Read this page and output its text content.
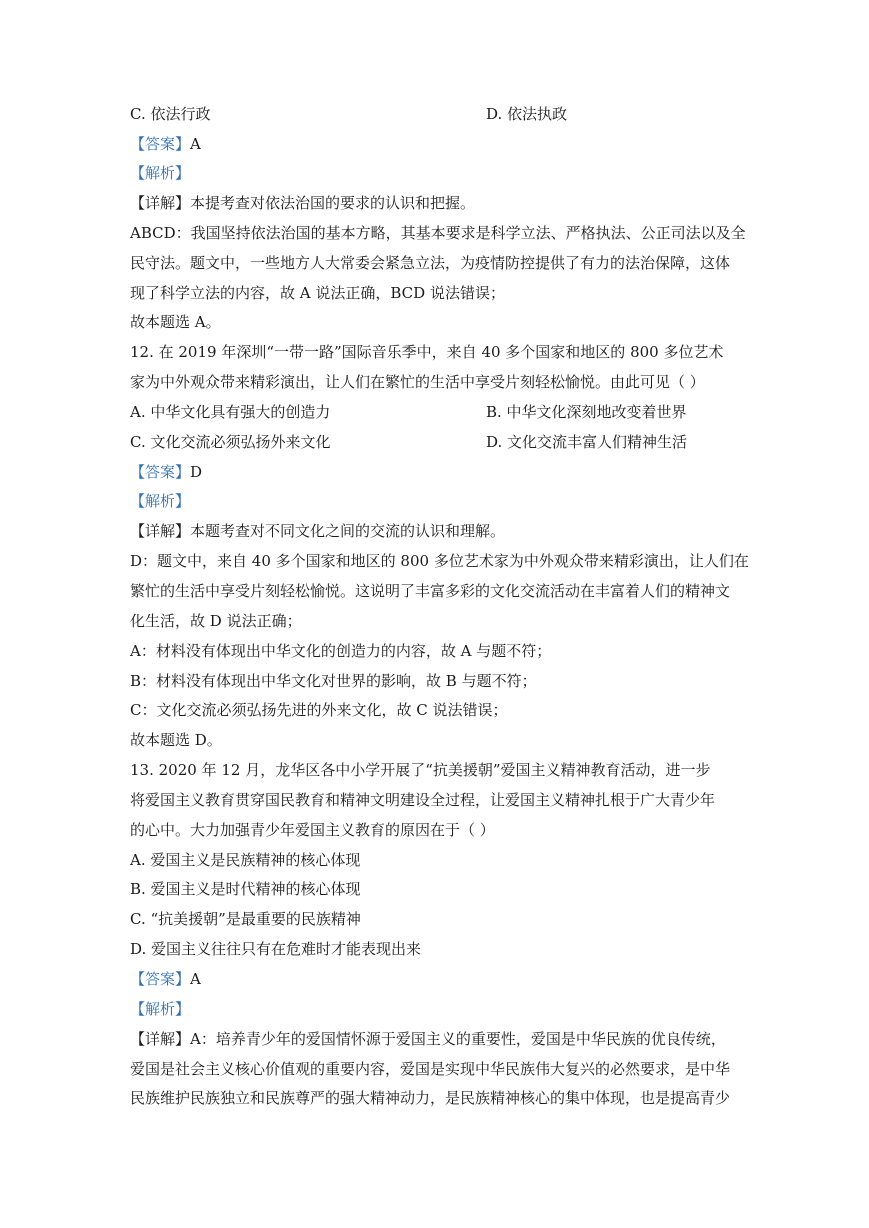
C. 依法行政	D. 依法执政
【答案】A
【解析】
【详解】本提考查对依法治国的要求的认识和把握。
ABCD：我国坚持依法治国的基本方略，其基本要求是科学立法、严格执法、公正司法以及全
民守法。题文中，一些地方人大常委会紧急立法，为疫情防控提供了有力的法治保障，这体
现了科学立法的内容，故 A 说法正确，BCD 说法错误；
故本题选 A。
12. 在 2019 年深圳“一带一路”国际音乐季中，来自 40 多个国家和地区的 800 多位艺术
家为中外观众带来精彩演出，让人们在繁忙的生活中享受片刻轻松愉悦。由此可见（ ）
A. 中华文化具有强大的创造力	B. 中华文化深刻地改变着世界
C. 文化交流必须弘扬外来文化	D. 文化交流丰富人们精神生活
【答案】D
【解析】
【详解】本题考查对不同文化之间的交流的认识和理解。
D：题文中，来自 40 多个国家和地区的 800 多位艺术家为中外观众带来精彩演出，让人们在
繁忙的生活中享受片刻轻松愉悦。这说明了丰富多彩的文化交流活动在丰富着人们的精神文
化生活，故 D 说法正确；
A：材料没有体现出中华文化的创造力的内容，故 A 与题不符；
B：材料没有体现出中华文化对世界的影响，故 B 与题不符；
C：文化交流必须弘扬先进的外来文化，故 C 说法错误；
故本题选 D。
13. 2020 年 12 月，龙华区各中小学开展了“抗美援朝”爱国主义精神教育活动，进一步
将爱国主义教育贯穿国民教育和精神文明建设全过程，让爱国主义精神扎根于广大青少年
的心中。大力加强青少年爱国主义教育的原因在于（ ）
A. 爱国主义是民族精神的核心体现
B. 爱国主义是时代精神的核心体现
C. “抗美援朝”是最重要的民族精神
D. 爱国主义往往只有在危难时才能表现出来
【答案】A
【解析】
【详解】A：培养青少年的爱国情怀源于爱国主义的重要性，爱国是中华民族的优良传统，
爱国是社会主义核心价值观的重要内容，爱国是实现中华民族伟大复兴的必然要求，是中华
民族维护民族独立和民族尊严的强大精神动力，是民族精神核心的集中体现，也是提高青少
